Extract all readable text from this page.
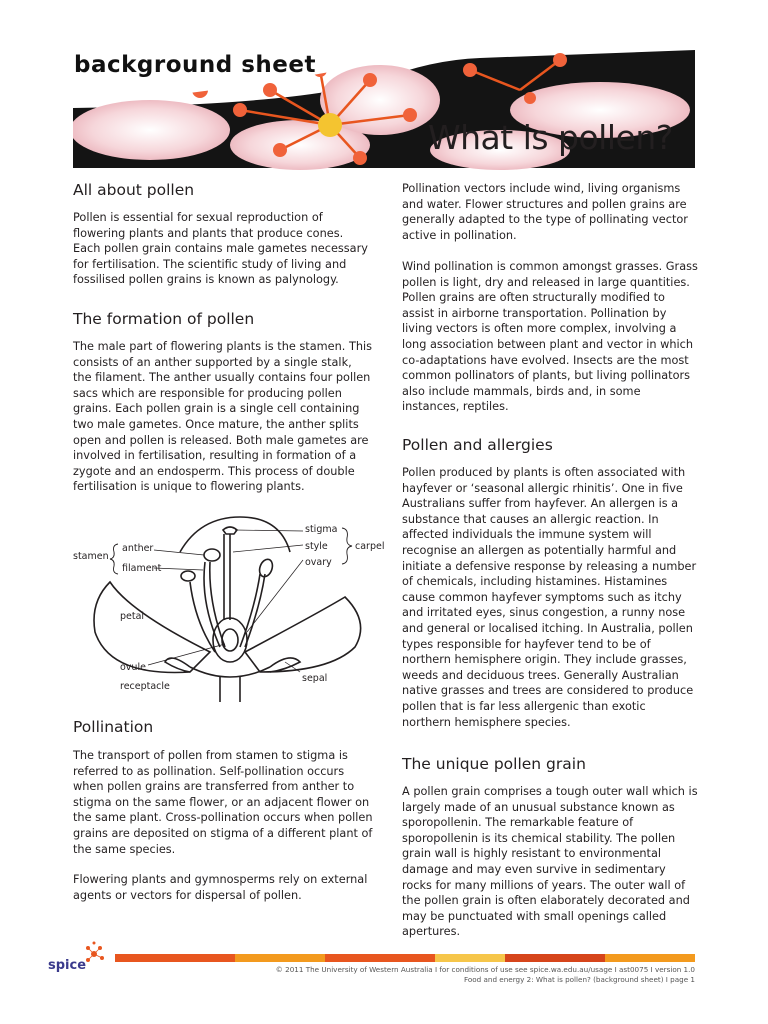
background sheet
What is pollen?
All about pollen

Pollen is essential for sexual reproduction of flowering plants and plants that produce cones. Each pollen grain contains male gametes necessary for fertilisation. The scientific study of living and fossilised pollen grains is known as palynology.

The formation of pollen

The male part of flowering plants is the stamen. This consists of an anther supported by a single stalk, the filament. The anther usually contains four pollen sacs which are responsible for producing pollen grains. Each pollen grain is a single cell containing two male gametes. Once mature, the anther splits open and pollen is released. Both male gametes are involved in fertilisation, resulting in formation of a zygote and an endosperm. This process of double fertilisation is unique to flowering plants.

Pollination

The transport of pollen from stamen to stigma is referred to as pollination. Self-pollination occurs when pollen grains are transferred from anther to stigma on the same flower, or an adjacent flower on the same plant. Cross-pollination occurs when pollen grains are deposited on stigma of a different plant of the same species.

Flowering plants and gymnosperms rely on external agents or vectors for dispersal of pollen.

stamen
anther
filament
stigma
style
ovary
carpel
petal
ovule
receptacle
sepal

Pollination vectors include wind, living organisms and water. Flower structures and pollen grains are generally adapted to the type of pollinating vector active in pollination.

Wind pollination is common amongst grasses. Grass pollen is light, dry and released in large quantities. Pollen grains are often structurally modified to assist in airborne transportation. Pollination by living vectors is often more complex, involving a long association between plant and vector in which co-adaptations have evolved. Insects are the most common pollinators of plants, but living pollinators also include mammals, birds and, in some instances, reptiles.

Pollen and allergies

Pollen produced by plants is often associated with hayfever or ‘seasonal allergic rhinitis’. One in five Australians suffer from hayfever. An allergen is a substance that causes an allergic reaction. In affected individuals the immune system will recognise an allergen as potentially harmful and initiate a defensive response by releasing a number of chemicals, including histamines. Histamines cause common hayfever symptoms such as itchy and irritated eyes, sinus congestion, a runny nose and general or localised itching. In Australia, pollen types responsible for hayfever tend to be of northern hemisphere origin. They include grasses, weeds and deciduous trees. Generally Australian native grasses and trees are considered to produce pollen that is far less allergenic than exotic northern hemisphere species.

The unique pollen grain

A pollen grain comprises a tough outer wall which is largely made of an unusual substance known as sporopollenin. The remarkable feature of sporopollenin is its chemical stability. The pollen grain wall is highly resistant to environmental damage and may even survive in sedimentary rocks for many millions of years. The outer wall of the pollen grain is often elaborately decorated and may be punctuated with small openings called apertures.

spice	© 2011 The University of Western Australia I for conditions of use see spice.wa.edu.au/usage I ast0075 I version 1.0
Food and energy 2: What is pollen? (background sheet) I page 1
